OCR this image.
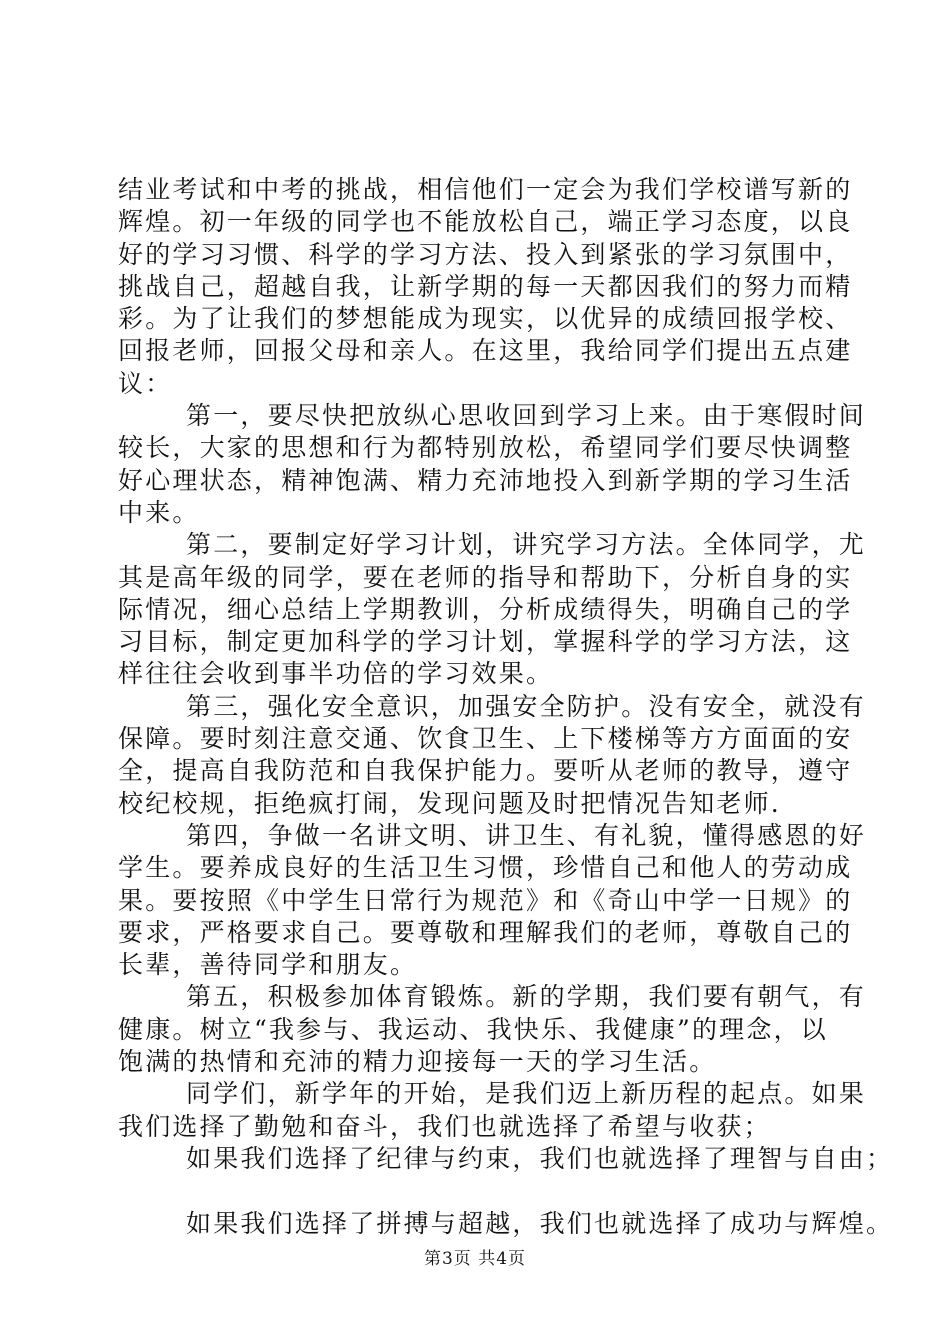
结业考试和中考的挑战，相信他们一定会为我们学校谱写新的
辉煌。初一年级的同学也不能放松自己，端正学习态度，以良
好的学习习惯、科学的学习方法、投入到紧张的学习氛围中，
挑战自己，超越自我，让新学期的每一天都因我们的努力而精
彩。为了让我们的梦想能成为现实，以优异的成绩回报学校、
回报老师，回报父母和亲人。在这里，我给同学们提出五点建
议：
第一，要尽快把放纵心思收回到学习上来。由于寒假时间
较长，大家的思想和行为都特别放松，希望同学们要尽快调整
好心理状态，精神饱满、精力充沛地投入到新学期的学习生活
中来。
第二，要制定好学习计划，讲究学习方法。全体同学，尤
其是高年级的同学，要在老师的指导和帮助下，分析自身的实
际情况，细心总结上学期教训，分析成绩得失，明确自己的学
习目标，制定更加科学的学习计划，掌握科学的学习方法，这
样往往会收到事半功倍的学习效果。
第三，强化安全意识，加强安全防护。没有安全，就没有
保障。要时刻注意交通、饮食卫生、上下楼梯等方方面面的安
全，提高自我防范和自我保护能力。要听从老师的教导，遵守
校纪校规，拒绝疯打闹，发现问题及时把情况告知老师.
第四，争做一名讲文明、讲卫生、有礼貌，懂得感恩的好
学生。要养成良好的生活卫生习惯，珍惜自己和他人的劳动成
果。要按照《中学生日常行为规范》和《奇山中学一日规》的
要求，严格要求自己。要尊敬和理解我们的老师，尊敬自己的
长辈，善待同学和朋友。
第五，积极参加体育锻炼。新的学期，我们要有朝气，有
健康。树立“我参与、我运动、我快乐、我健康”的理念，以
饱满的热情和充沛的精力迎接每一天的学习生活。
同学们，新学年的开始，是我们迈上新历程的起点。如果
我们选择了勤勉和奋斗，我们也就选择了希望与收获；
如果我们选择了纪律与约束，我们也就选择了理智与自由；
如果我们选择了拼搏与超越，我们也就选择了成功与辉煌。
第3页 共4页
